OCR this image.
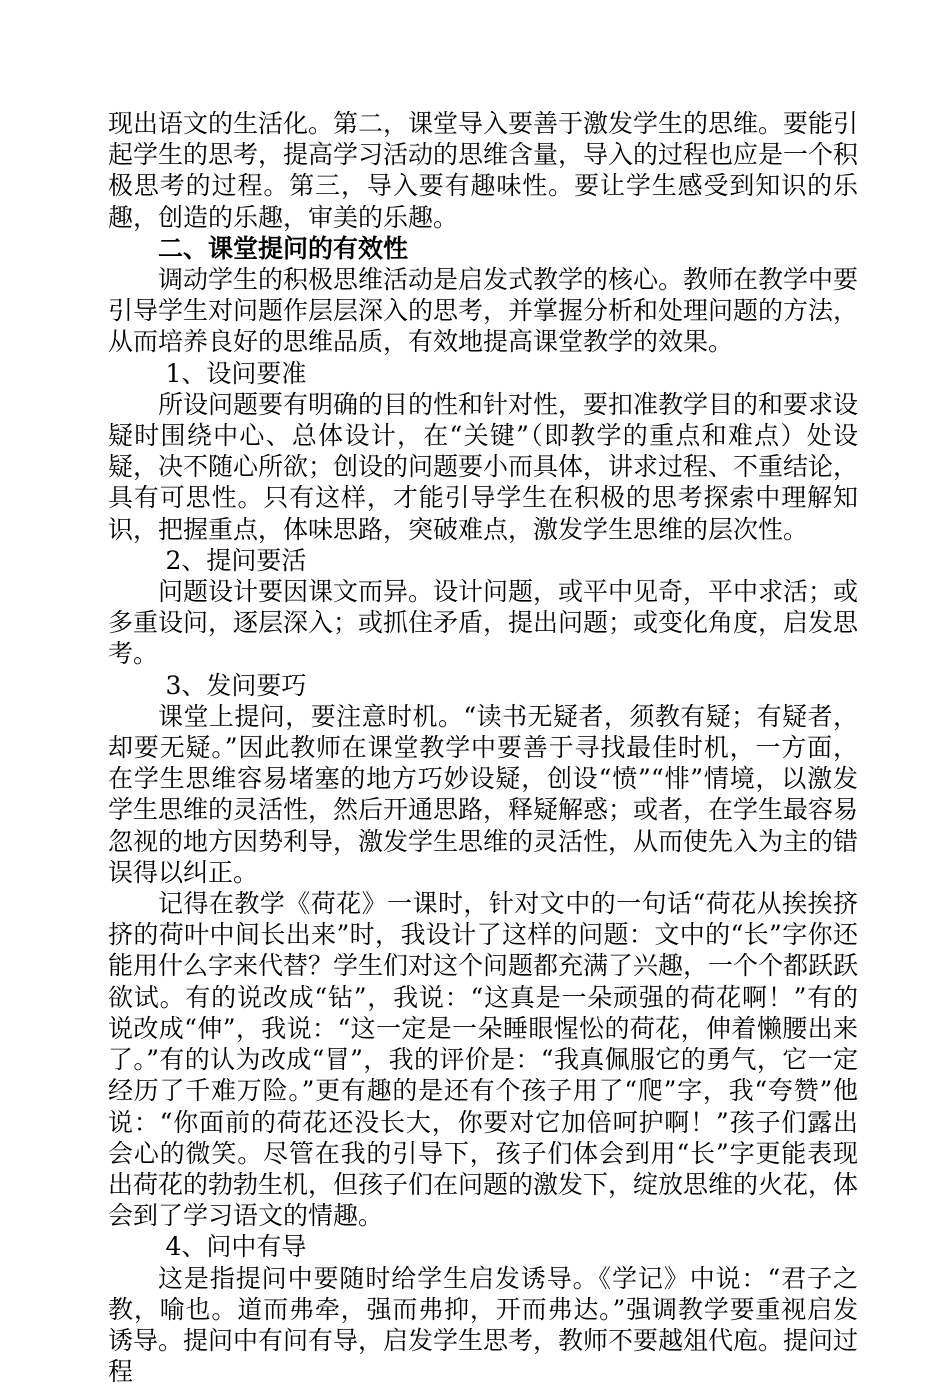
现出语文的生活化。第二，课堂导入要善于激发学生的思维。要能引起学生的思考，提高学习活动的思维含量，导入的过程也应是一个积极思考的过程。第三，导入要有趣味性。要让学生感受到知识的乐趣，创造的乐趣，审美的乐趣。

二、课堂提问的有效性

调动学生的积极思维活动是启发式教学的核心。教师在教学中要引导学生对问题作层层深入的思考，并掌握分析和处理问题的方法，从而培养良好的思维品质，有效地提高课堂教学的效果。

1、设问要准

所设问题要有明确的目的性和针对性，要扣准教学目的和要求设疑时围绕中心、总体设计，在“关键”（即教学的重点和难点）处设疑，决不随心所欲；创设的问题要小而具体，讲求过程、不重结论，具有可思性。只有这样，才能引导学生在积极的思考探索中理解知识，把握重点，体味思路，突破难点，激发学生思维的层次性。

2、提问要活

问题设计要因课文而异。设计问题，或平中见奇，平中求活；或多重设问，逐层深入；或抓住矛盾，提出问题；或变化角度，启发思考。

3、发问要巧

课堂上提问，要注意时机。“读书无疑者，须教有疑；有疑者，却要无疑。”因此教师在课堂教学中要善于寻找最佳时机，一方面，在学生思维容易堵塞的地方巧妙设疑，创设“愤”“悱”情境，以激发学生思维的灵活性，然后开通思路，释疑解惑；或者，在学生最容易忽视的地方因势利导，激发学生思维的灵活性，从而使先入为主的错误得以纠正。

记得在教学《荷花》一课时，针对文中的一句话“荷花从挨挨挤挤的荷叶中间长出来”时，我设计了这样的问题：文中的“长”字你还能用什么字来代替？学生们对这个问题都充满了兴趣，一个个都跃跃欲试。有的说改成“钻”，我说：“这真是一朵顽强的荷花啊！”有的说改成“伸”，我说：“这一定是一朵睡眼惺忪的荷花，伸着懒腰出来了。”有的认为改成“冒”，我的评价是：“我真佩服它的勇气，它一定经历了千难万险。”更有趣的是还有个孩子用了“爬”字，我“夸赞”他说：“你面前的荷花还没长大，你要对它加倍呵护啊！”孩子们露出会心的微笑。尽管在我的引导下，孩子们体会到用“长”字更能表现出荷花的勃勃生机，但孩子们在问题的激发下，绽放思维的火花，体会到了学习语文的情趣。

4、问中有导

这是指提问中要随时给学生启发诱导。《学记》中说：“君子之教，喻也。道而弗牵，强而弗抑，开而弗达。”强调教学要重视启发诱导。提问中有问有导，启发学生思考，教师不要越俎代庖。提问过程
